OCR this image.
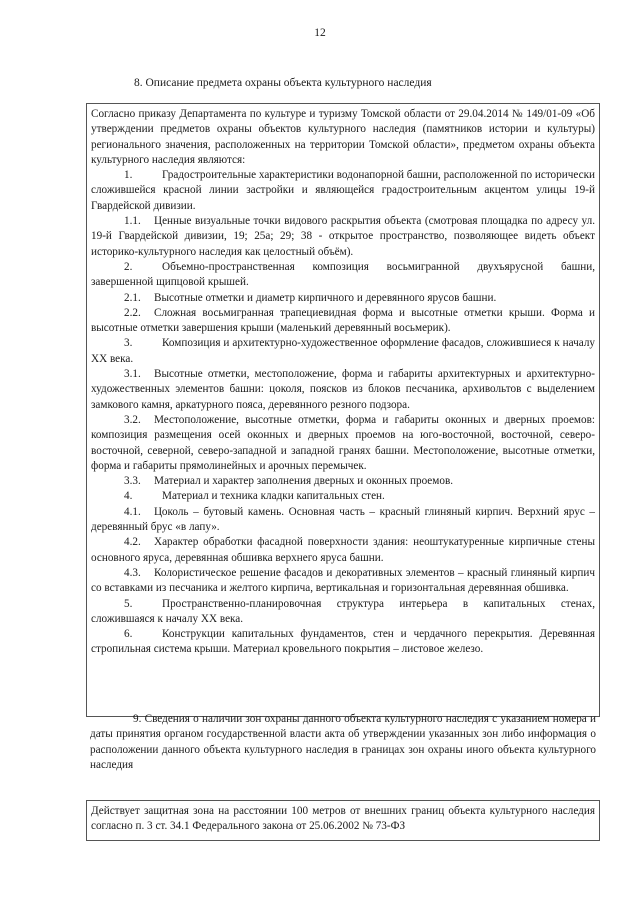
12
8. Описание предмета охраны объекта культурного наследия

Согласно приказу Департамента по культуре и туризму Томской области от 29.04.2014 № 149/01-09 «Об утверждении предметов охраны объектов культурного наследия (памятников истории и культуры) регионального значения, расположенных на территории Томской области», предметом охраны объекта культурного наследия являются:

1.	Градостроительные характеристики водонапорной башни, расположенной по исторически сложившейся красной линии застройки и являющейся градостроительным акцентом улицы 19-й Гвардейской дивизии.

1.1. Ценные визуальные точки видового раскрытия объекта (смотровая площадка по адресу ул. 19-й Гвардейской дивизии, 19; 25а; 29; 38 - открытое пространство, позволяющее видеть объект историко-культурного наследия как целостный объём).

2.	Объемно-пространственная композиция восьмигранной двухъярусной башни, завершенной щипцовой крышей.

2.1. Высотные отметки и диаметр кирпичного и деревянного ярусов башни.

2.2. Сложная восьмигранная трапециевидная форма и высотные отметки крыши. Форма и высотные отметки завершения крыши (маленький деревянный восьмерик).

3.	Композиция и архитектурно-художественное оформление фасадов, сложившиеся к началу ХХ века.

3.1. Высотные отметки, местоположение, форма и габариты архитектурных и архитектурно-художественных элементов башни: цоколя, поясков из блоков песчаника, архивольтов с выделением замкового камня, аркатурного пояса, деревянного резного подзора.

3.2. Местоположение, высотные отметки, форма и габариты оконных и дверных проемов: композиция размещения осей оконных и дверных проемов на юго-восточной, восточной, северо-восточной, северной, северо-западной и западной гранях башни. Местоположение, высотные отметки, форма и габариты прямолинейных и арочных перемычек.

3.3. Материал и характер заполнения дверных и оконных проемов.

4.	Материал и техника кладки капитальных стен.

4.1. Цоколь – бутовый камень. Основная часть – красный глиняный кирпич. Верхний ярус – деревянный брус «в лапу».

4.2. Характер обработки фасадной поверхности здания: неоштукатуренные кирпичные стены основного яруса, деревянная обшивка верхнего яруса башни.

4.3. Колористическое решение фасадов и декоративных элементов – красный глиняный кирпич со вставками из песчаника и желтого кирпича, вертикальная и горизонтальная деревянная обшивка.

5.	Пространственно-планировочная структура интерьера в капитальных стенах, сложившаяся к началу ХХ века.

6.	Конструкции капитальных фундаментов, стен и чердачного перекрытия. Деревянная стропильная система крыши. Материал кровельного покрытия – листовое железо.

9. Сведения о наличии зон охраны данного объекта культурного наследия с указанием номера и даты принятия органом государственной власти акта об утверждении указанных зон либо информация о расположении данного объекта культурного наследия в границах зон охраны иного объекта культурного наследия

Действует защитная зона на расстоянии 100 метров от внешних границ объекта культурного наследия согласно п. 3 ст. 34.1 Федерального закона от 25.06.2002 № 73-ФЗ
